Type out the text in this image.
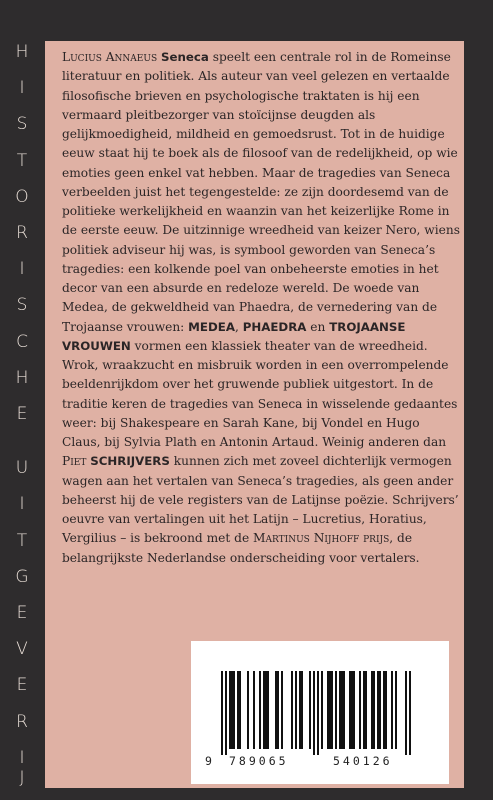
H
I
S
T
O
R
I
S
C
H
E
U
I
T
G
E
V
E
R
I
J

Lucius Annaeus Seneca speelt een centrale rol in de Romeinse literatuur en politiek. Als auteur van veel gelezen en vertaalde filosofische brieven en psychologische traktaten is hij een vermaard pleitbezorger van stoïcijnse deugden als gelijkmoedigheid, mildheid en gemoedsrust. Tot in de huidige eeuw staat hij te boek als de filosoof van de redelijkheid, op wie emoties geen enkel vat hebben. Maar de tragedies van Seneca verbeelden juist het tegengestelde: ze zijn doordesemd van de politieke werkelijkheid en waanzin van het keizerlijke Rome in de eerste eeuw. De uitzinnige wreedheid van keizer Nero, wiens politiek adviseur hij was, is symbool geworden van Seneca’s tragedies: een kolkende poel van onbeheerste emoties in het decor van een absurde en redeloze wereld. De woede van Medea, de gekweldheid van Phaedra, de vernedering van de Trojaanse vrouwen: MEDEA, PHAEDRA en TROJAANSE VROUWEN vormen een klassiek theater van de wreedheid. Wrok, wraakzucht en misbruik worden in een overrompelende beeldenrijkdom over het gruwende publiek uitgestort. In de traditie keren de tragedies van Seneca in wisselende gedaantes weer: bij Shakespeare en Sarah Kane, bij Vondel en Hugo Claus, bij Sylvia Plath en Antonin Artaud. Weinig anderen dan Piet SCHRIJVERS kunnen zich met zoveel dichterlijk vermogen wagen aan het vertalen van Seneca’s tragedies, als geen ander beheerst hij de vele registers van de Latijnse poëzie. Schrijvers’ oeuvre van vertalingen uit het Latijn – Lucretius, Horatius, Vergilius – is bekroond met de Martinus Nijhoff prijs, de belangrijkste Nederlandse onderscheiding voor vertalers.

9 789065	540126
